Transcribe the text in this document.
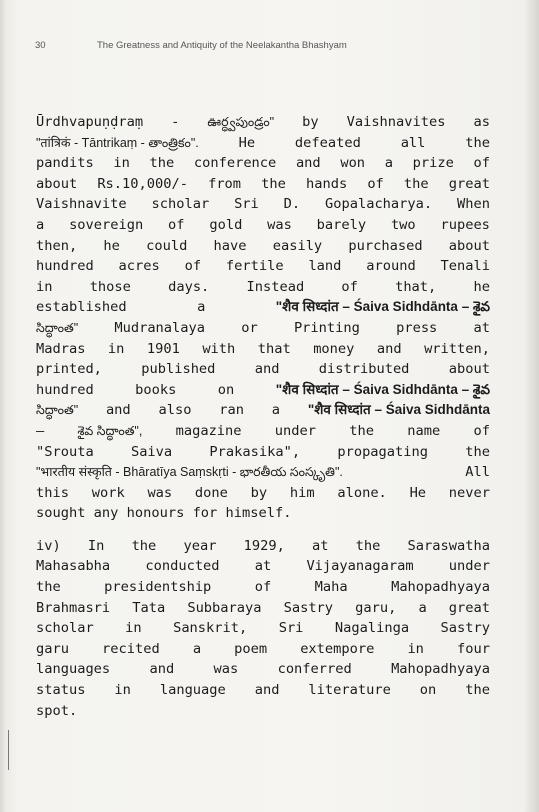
30	The Greatness and Antiquity of the Neelakantha Bhashyam
Ūrdhvapuṇḍraṃ - ఊర్ధ్వపుండ్రం" by Vaishnavites as
"तांत्रिकं - Tāntrikaṃ - తాంత్రికం".	He	defeated	all	the
pandits in the conference and won a prize of
about Rs.10,000/- from the hands of the great
Vaishnavite scholar Sri D. Gopalacharya. When
a sovereign of gold was barely two rupees
then, he could have easily purchased about
hundred acres of fertile land around Tenali
in	those	days.	Instead	of	that,	he
established	a	"शैव सिध्दांत – Śaiva Sidhdānta – శైవ
సిద్ధాంత"	Mudranalaya	or	Printing	press	at
Madras in 1901 with that money and written,
printed,	published	and	distributed	about
hundred	books	on	"शैव सिध्दांत – Śaiva Sidhdānta – శైవ
సిద్ధాంత" and also ran a "शैव सिध्दांत – Śaiva Sidhdānta
–	శైవ సిద్ధాంత", magazine under the name of
"Srouta	Saiva	Prakasika",	propagating	the
"भारतीय संस्कृति - Bhāratīya Saṃskṛti - భారతీయ సంస్కృతి".	All
this work was done by him alone. He never
sought any honours for himself.
iv) In the year 1929, at the Saraswatha
Mahasabha	conducted	at	Vijayanagaram	under
the	presidentship	of	Maha	Mahopadhyaya
Brahmasri Tata Subbaraya Sastry garu, a great
scholar in Sanskrit, Sri Nagalinga Sastry
garu recited a poem extempore in four
languages	and	was	conferred	Mahopadhyaya
status in language and literature on the
spot.
